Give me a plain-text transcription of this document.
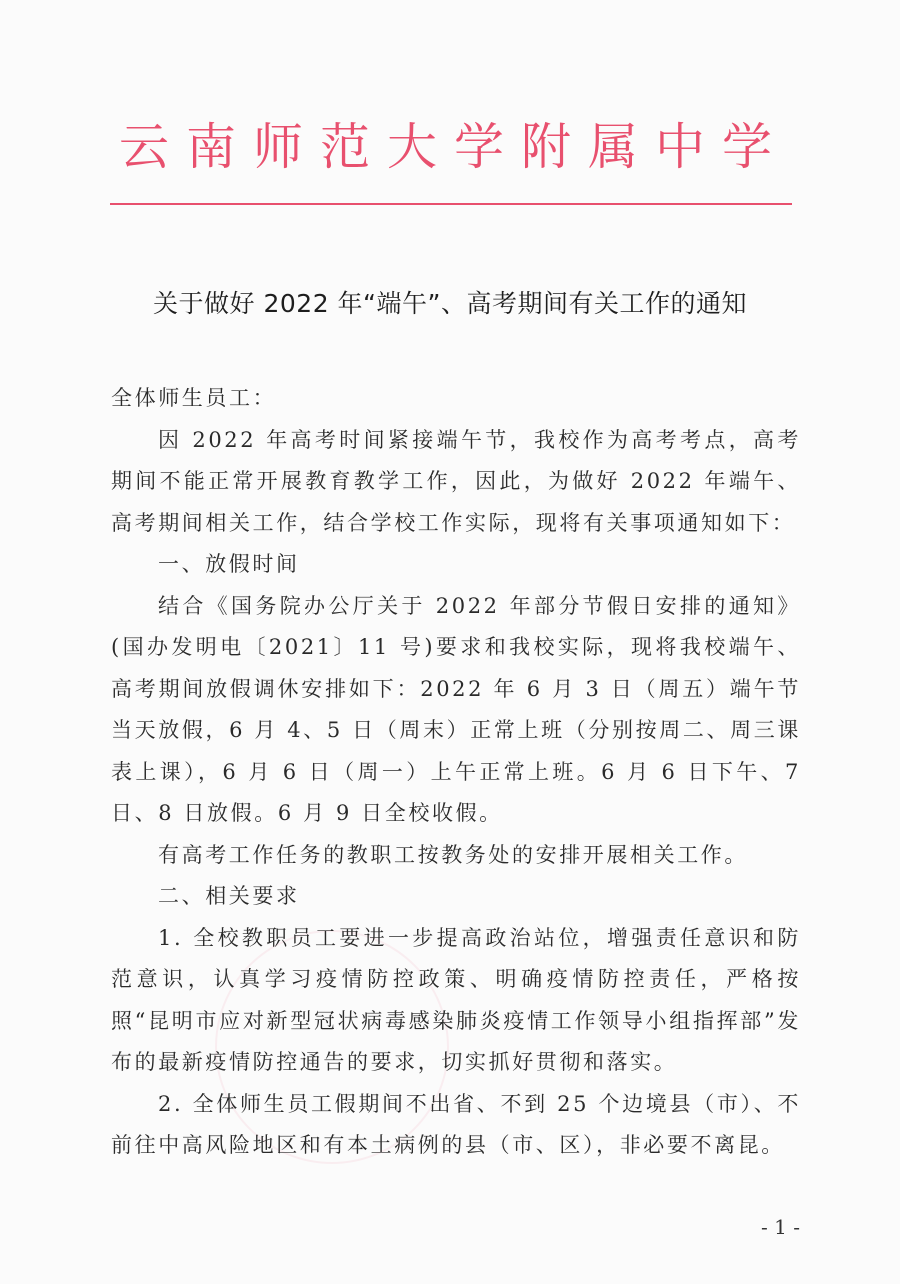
云南师范大学附属中学
关于做好 2022 年“端午”、高考期间有关工作的通知

全体师生员工：

因 2022 年高考时间紧接端午节，我校作为高考考点，高考期间不能正常开展教育教学工作，因此，为做好 2022 年端午、高考期间相关工作，结合学校工作实际，现将有关事项通知如下：

一、放假时间

结合《国务院办公厅关于 2022 年部分节假日安排的通知》(国办发明电〔2021〕11 号)要求和我校实际，现将我校端午、高考期间放假调休安排如下：2022 年 6 月 3 日（周五）端午节当天放假，6 月 4、5 日（周末）正常上班（分别按周二、周三课表上课），6 月 6 日（周一）上午正常上班。6 月 6 日下午、7 日、8 日放假。6 月 9 日全校收假。

有高考工作任务的教职工按教务处的安排开展相关工作。

二、相关要求

1. 全校教职员工要进一步提高政治站位，增强责任意识和防范意识，认真学习疫情防控政策、明确疫情防控责任，严格按照“昆明市应对新型冠状病毒感染肺炎疫情工作领导小组指挥部”发布的最新疫情防控通告的要求，切实抓好贯彻和落实。

2. 全体师生员工假期间不出省、不到 25 个边境县（市）、不前往中高风险地区和有本土病例的县（市、区），非必要不离昆。

- 1 -
